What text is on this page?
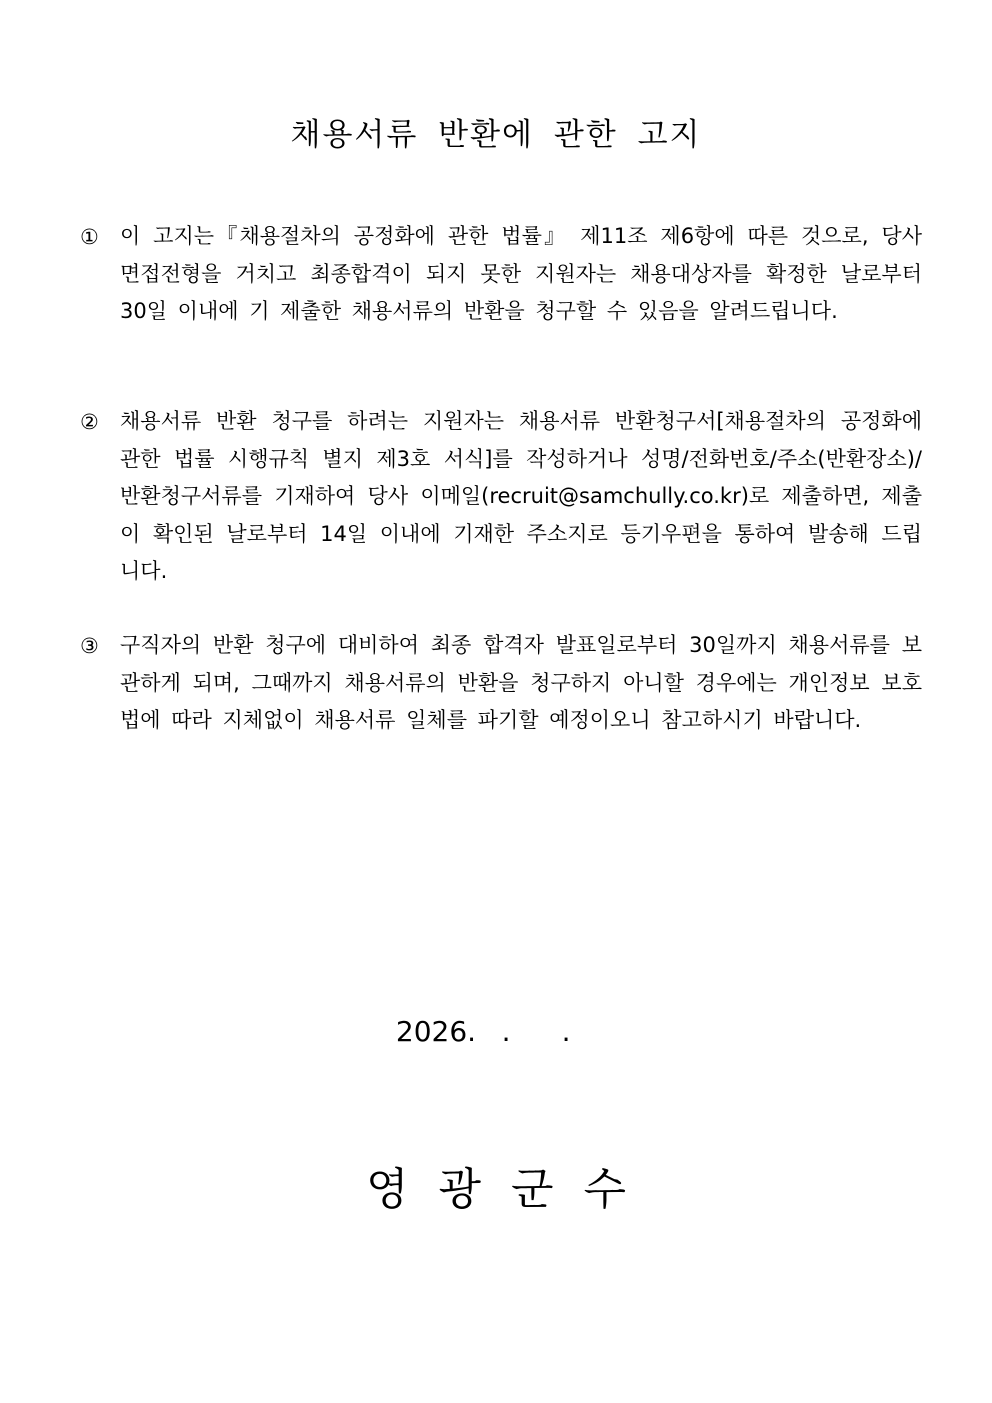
채용서류 반환에 관한 고지
①	이 고지는『채용절차의 공정화에 관한 법률』 제11조 제6항에 따른 것으로, 당사 면접전형을 거치고 최종합격이 되지 못한 지원자는 채용대상자를 확정한 날로부터 30일 이내에 기 제출한 채용서류의 반환을 청구할 수 있음을 알려드립니다.
②	채용서류 반환 청구를 하려는 지원자는 채용서류 반환청구서[채용절차의 공정화에 관한 법률 시행규칙 별지 제3호 서식]를 작성하거나 성명/전화번호/주소(반환장소)/반환청구서류를 기재하여 당사 이메일(recruit@samchully.co.kr)로 제출하면, 제출이 확인된 날로부터 14일 이내에 기재한 주소지로 등기우편을 통하여 발송해 드립니다.
③	구직자의 반환 청구에 대비하여 최종 합격자 발표일로부터 30일까지 채용서류를 보관하게 되며, 그때까지 채용서류의 반환을 청구하지 아니할 경우에는 개인정보 보호법에 따라 지체없이 채용서류 일체를 파기할 예정이오니 참고하시기 바랍니다.
2026. . .
영광군수
